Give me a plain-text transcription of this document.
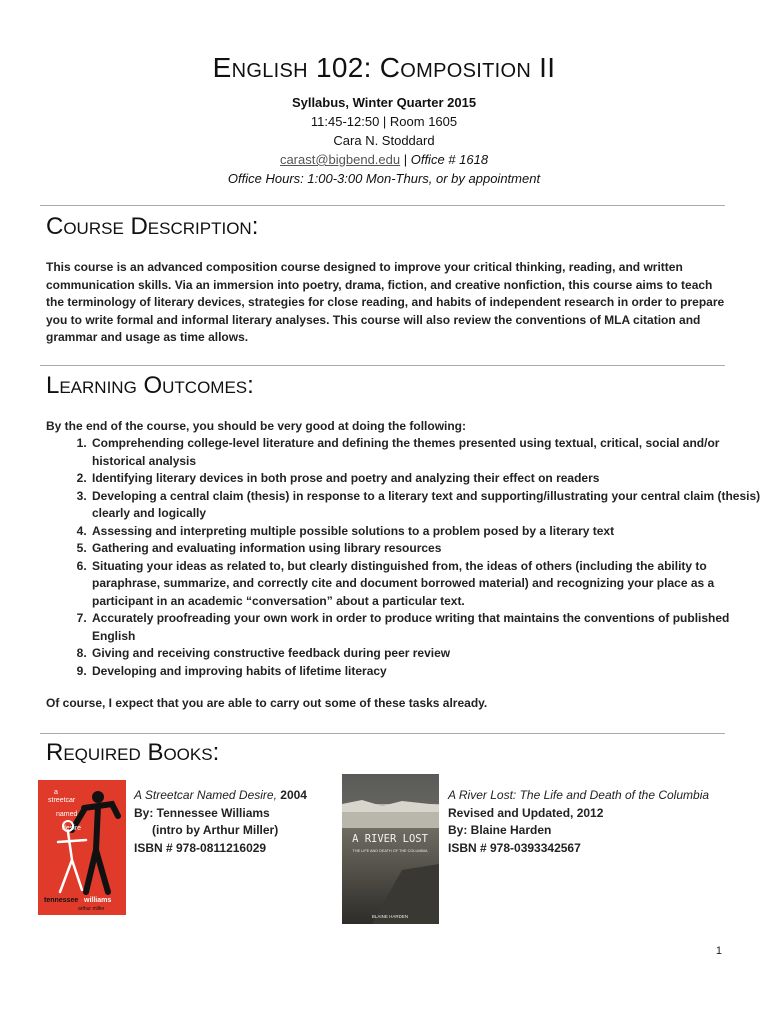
English 102: Composition II
Syllabus, Winter Quarter 2015
11:45-12:50 | Room 1605
Cara N. Stoddard
carast@bigbend.edu | Office # 1618
Office Hours: 1:00-3:00 Mon-Thurs, or by appointment
Course Description:
This course is an advanced composition course designed to improve your critical thinking, reading, and written communication skills. Via an immersion into poetry, drama, fiction, and creative nonfiction, this course aims to teach the terminology of literary devices, strategies for close reading, and habits of independent research in order to prepare you to write formal and informal literary analyses. This course will also review the conventions of MLA citation and grammar and usage as time allows.
Learning Outcomes:
By the end of the course, you should be very good at doing the following:
1. Comprehending college-level literature and defining the themes presented using textual, critical, social and/or historical analysis
2. Identifying literary devices in both prose and poetry and analyzing their effect on readers
3. Developing a central claim (thesis) in response to a literary text and supporting/illustrating your central claim (thesis) clearly and logically
4. Assessing and interpreting multiple possible solutions to a problem posed by a literary text
5. Gathering and evaluating information using library resources
6. Situating your ideas as related to, but clearly distinguished from, the ideas of others (including the ability to paraphrase, summarize, and correctly cite and document borrowed material) and recognizing your place as a participant in an academic “conversation” about a particular text.
7. Accurately proofreading your own work in order to produce writing that maintains the conventions of published English
8. Giving and receiving constructive feedback during peer review
9. Developing and improving habits of lifetime literacy
Of course, I expect that you are able to carry out some of these tasks already.
Required Books:
a
streetcar
named
desire
tennessee williams
arthur miller
A Streetcar Named Desire, 2004
By: Tennessee Williams
(intro by Arthur Miller)
ISBN # 978-0811216029
A RIVER LOST
THE LIFE AND DEATH OF THE COLUMBIA
BLAINE HARDEN
A River Lost: The Life and Death of the Columbia
Revised and Updated, 2012
By: Blaine Harden
ISBN # 978-0393342567
1
